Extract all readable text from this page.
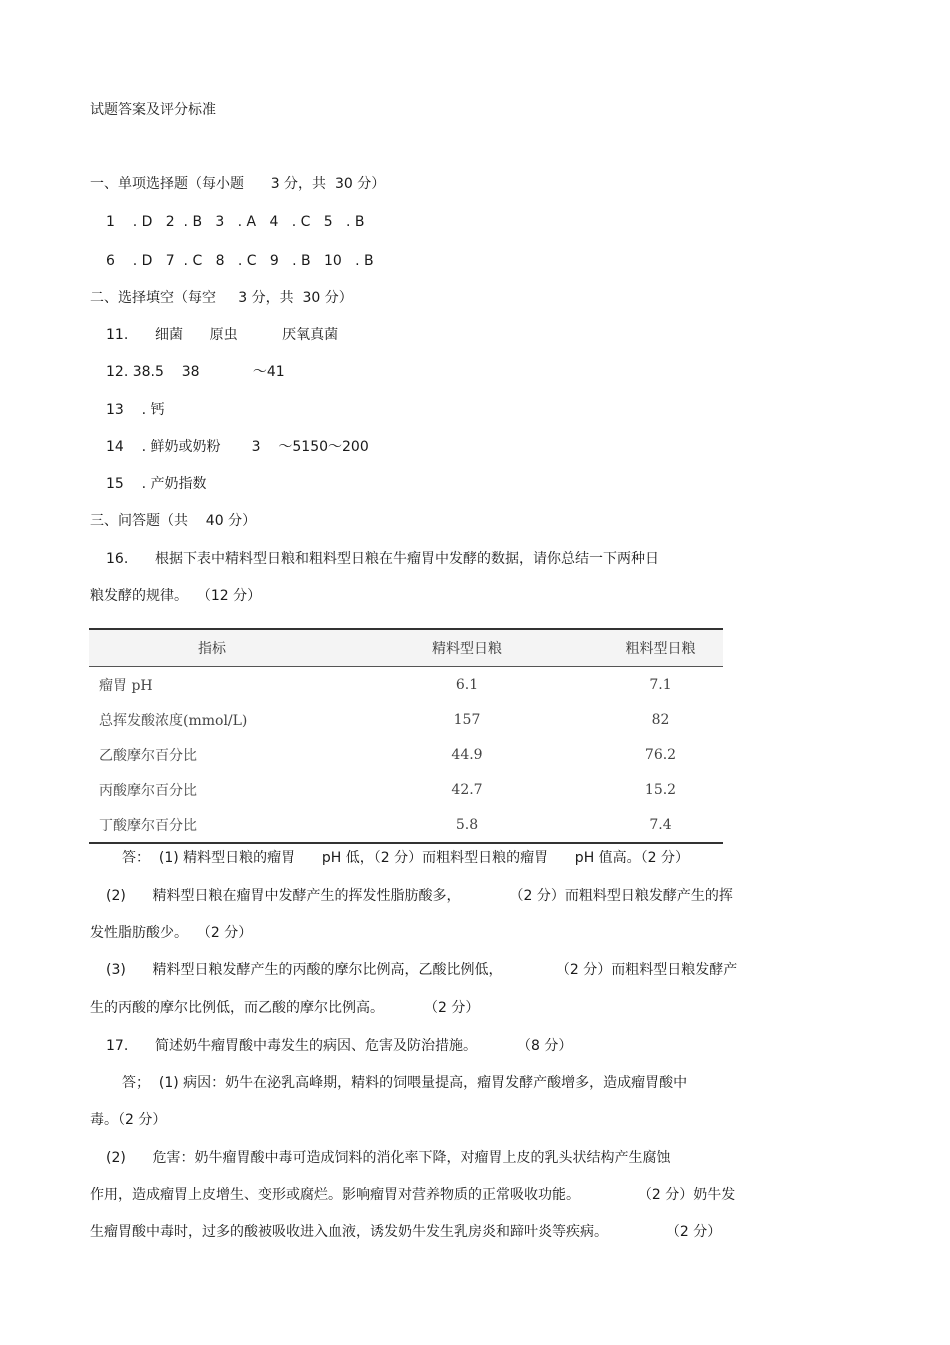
试题答案及评分标准
一、单项选择题（每小题      3 分，共  30 分）
1    . D   2  . B   3   . A   4   . C   5   . B
6    . D   7  . C   8   . C   9   . B   10   . B
二、选择填空（每空     3 分，共  30 分）
11.      细菌      原虫          厌氧真菌
12. 38.5    38            ～41
13    . 钙
14    . 鲜奶或奶粉       3    ～5150～200
15    . 产奶指数
三、问答题（共    40 分）
16.      根据下表中精料型日粮和粗料型日粮在牛瘤胃中发酵的数据，请你总结一下两种日
粮发酵的规律。  （12 分）
指标	精料型日粮	粗料型日粮
瘤胃 pH	6.1	7.1
总挥发酸浓度(mmol/L)	157	82
乙酸摩尔百分比	44.9	76.2
丙酸摩尔百分比	42.7	15.2
丁酸摩尔百分比	5.8	7.4
答：  (1) 精料型日粮的瘤胃      pH 低，（2 分）而粗料型日粮的瘤胃      pH 值高。（2 分）
(2)      精料型日粮在瘤胃中发酵产生的挥发性脂肪酸多，           （2 分）而粗料型日粮发酵产生的挥
发性脂肪酸少。  （2 分）
(3)      精料型日粮发酵产生的丙酸的摩尔比例高，乙酸比例低，            （2 分）而粗料型日粮发酵产
生的丙酸的摩尔比例低，而乙酸的摩尔比例高。         （2 分）
17.      简述奶牛瘤胃酸中毒发生的病因、危害及防治措施。         （8 分）
答；  (1) 病因：奶牛在泌乳高峰期，精料的饲喂量提高，瘤胃发酵产酸增多，造成瘤胃酸中
毒。（2 分）
(2)      危害：奶牛瘤胃酸中毒可造成饲料的消化率下降，对瘤胃上皮的乳头状结构产生腐蚀
作用，造成瘤胃上皮增生、变形或腐烂。影响瘤胃对营养物质的正常吸收功能。             （2 分）奶牛发
生瘤胃酸中毒时，过多的酸被吸收进入血液，诱发奶牛发生乳房炎和蹄叶炎等疾病。             （2 分）
